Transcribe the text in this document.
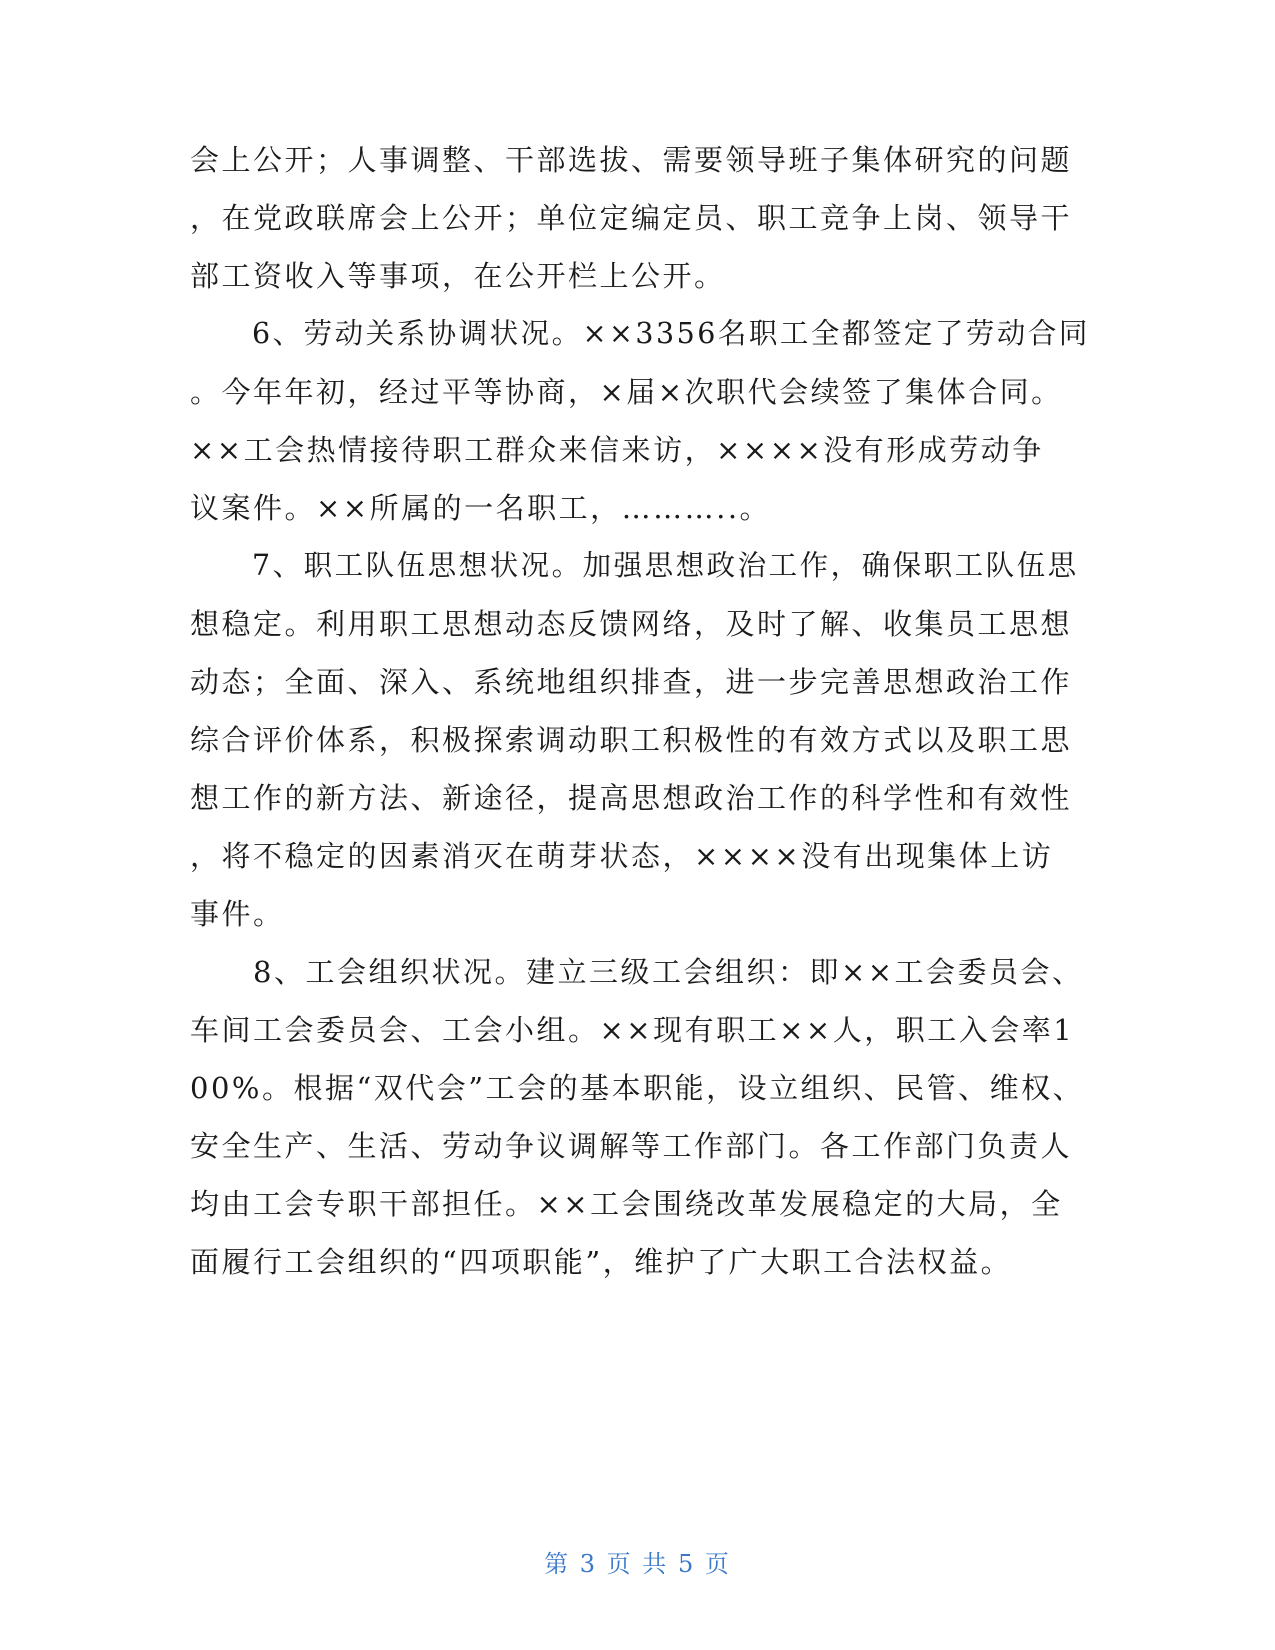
会上公开；人事调整、干部选拔、需要领导班子集体研究的问题
，在党政联席会上公开；单位定编定员、职工竞争上岗、领导干
部工资收入等事项，在公开栏上公开。
　　6、劳动关系协调状况。××3356名职工全都签定了劳动合同
。今年年初，经过平等协商，×届×次职代会续签了集体合同。
××工会热情接待职工群众来信来访，××××没有形成劳动争
议案件。××所属的一名职工，………..。
　　7、职工队伍思想状况。加强思想政治工作，确保职工队伍思
想稳定。利用职工思想动态反馈网络，及时了解、收集员工思想
动态；全面、深入、系统地组织排查，进一步完善思想政治工作
综合评价体系，积极探索调动职工积极性的有效方式以及职工思
想工作的新方法、新途径，提高思想政治工作的科学性和有效性
，将不稳定的因素消灭在萌芽状态，××××没有出现集体上访
事件。
　　8、工会组织状况。建立三级工会组织：即××工会委员会、
车间工会委员会、工会小组。××现有职工××人，职工入会率1
00%。根据“双代会”工会的基本职能，设立组织、民管、维权、
安全生产、生活、劳动争议调解等工作部门。各工作部门负责人
均由工会专职干部担任。××工会围绕改革发展稳定的大局，全
面履行工会组织的“四项职能”，维护了广大职工合法权益。
第 3 页 共 5 页
